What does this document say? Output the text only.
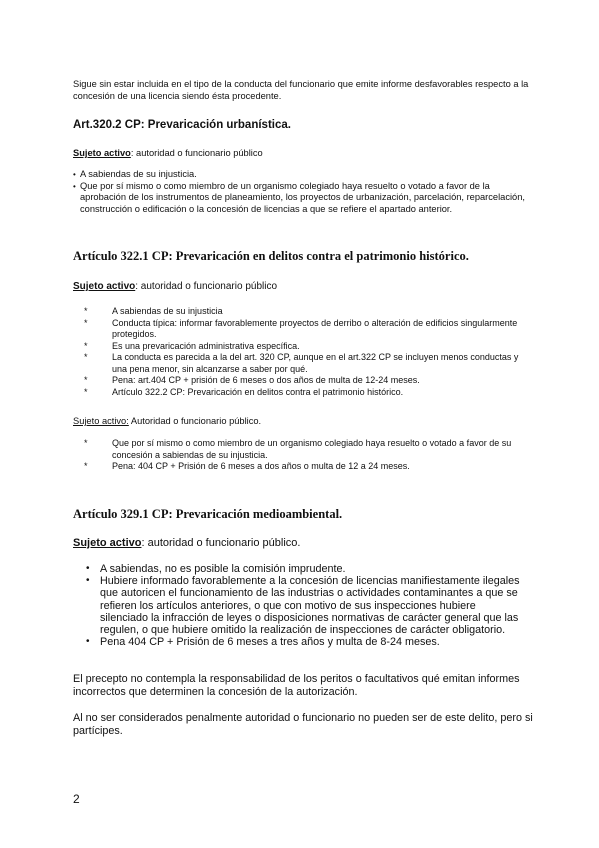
Sigue sin estar incluida en el tipo de la conducta del funcionario que emite informe desfavorables respecto a la concesión de una licencia siendo ésta procedente.
Art.320.2 CP: Prevaricación urbanística.
Sujeto activo: autoridad o funcionario público
• A sabiendas de su injusticia.
• Que por sí mismo o como miembro de un organismo colegiado haya resuelto o votado a favor de la aprobación de los instrumentos de planeamiento, los proyectos de urbanización, parcelación, reparcelación, construcción o edificación o la concesión de licencias a que se refiere el apartado anterior.
Artículo 322.1 CP: Prevaricación en delitos contra el patrimonio histórico.
Sujeto activo: autoridad o funcionario público
*	A sabiendas de su injusticia
*	Conducta típica: informar favorablemente proyectos de derribo o alteración de edificios singularmente protegidos.
*	Es una prevaricación administrativa específica.
*	La conducta es parecida a la del art. 320 CP, aunque en el art.322 CP se incluyen menos conductas y una pena menor, sin alcanzarse a saber por qué.
*	Pena: art.404 CP + prisión de 6 meses o dos años de multa de 12-24 meses.
*	Artículo 322.2 CP: Prevaricación en delitos contra el patrimonio histórico.
Sujeto activo: Autoridad o funcionario público.
*	Que por sí mismo o como miembro de un organismo colegiado haya resuelto o votado a favor de su concesión a sabiendas de su injusticia.
*	Pena: 404 CP + Prisión de 6 meses a dos años o multa de 12 a 24 meses.
Artículo 329.1 CP: Prevaricación medioambiental.
Sujeto activo: autoridad o funcionario público.
• A sabiendas, no es posible la comisión imprudente.
• Hubiere informado favorablemente a la concesión de licencias manifiestamente ilegales que autoricen el funcionamiento de las industrias o actividades contaminantes a que se refieren los artículos anteriores, o que con motivo de sus inspecciones hubiere silenciado la infracción de leyes o disposiciones normativas de carácter general que las regulen, o que hubiere omitido la realización de inspecciones de carácter obligatorio.
• Pena 404 CP + Prisión de 6 meses a tres años y multa de 8-24 meses.
El precepto no contempla la responsabilidad de los peritos o facultativos qué emitan informes incorrectos que determinen la concesión de la autorización.
Al no ser considerados penalmente autoridad o funcionario no pueden ser de este delito, pero si partícipes.
2
